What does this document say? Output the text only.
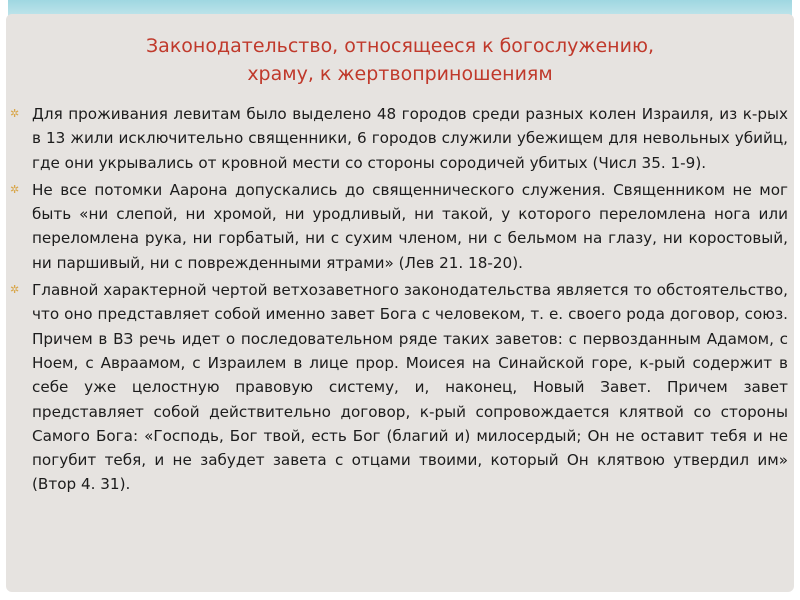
Законодательство, относящееся к богослужению,
храму, к жертвоприношениям
✲ Для проживания левитам было выделено 48 городов среди разных колен Израиля, из к-рых в 13 жили исключительно священники, 6 городов служили убежищем для невольных убийц, где они укрывались от кровной мести со стороны сородичей убитых (Числ 35. 1-9).
✲ Не все потомки Аарона допускались до священнического служения. Священником не мог быть «ни слепой, ни хромой, ни уродливый, ни такой, у которого переломлена нога или переломлена рука, ни горбатый, ни с сухим членом, ни с бельмом на глазу, ни коростовый, ни паршивый, ни с поврежденными ятрами» (Лев 21. 18-20).
✲ Главной характерной чертой ветхозаветного законодательства является то обстоятельство, что оно представляет собой именно завет Бога с человеком, т. е. своего рода договор, союз. Причем в ВЗ речь идет о последовательном ряде таких заветов: с первозданным Адамом, с Ноем, с Авраамом, с Израилем в лице прор. Моисея на Синайской горе, к-рый содержит в себе уже целостную правовую систему, и, наконец, Новый Завет. Причем завет представляет собой действительно договор, к-рый сопровождается клятвой со стороны Самого Бога: «Господь, Бог твой, есть Бог (благий и) милосердый; Он не оставит тебя и не погубит тебя, и не забудет завета с отцами твоими, который Он клятвою утвердил им» (Втор 4. 31).
